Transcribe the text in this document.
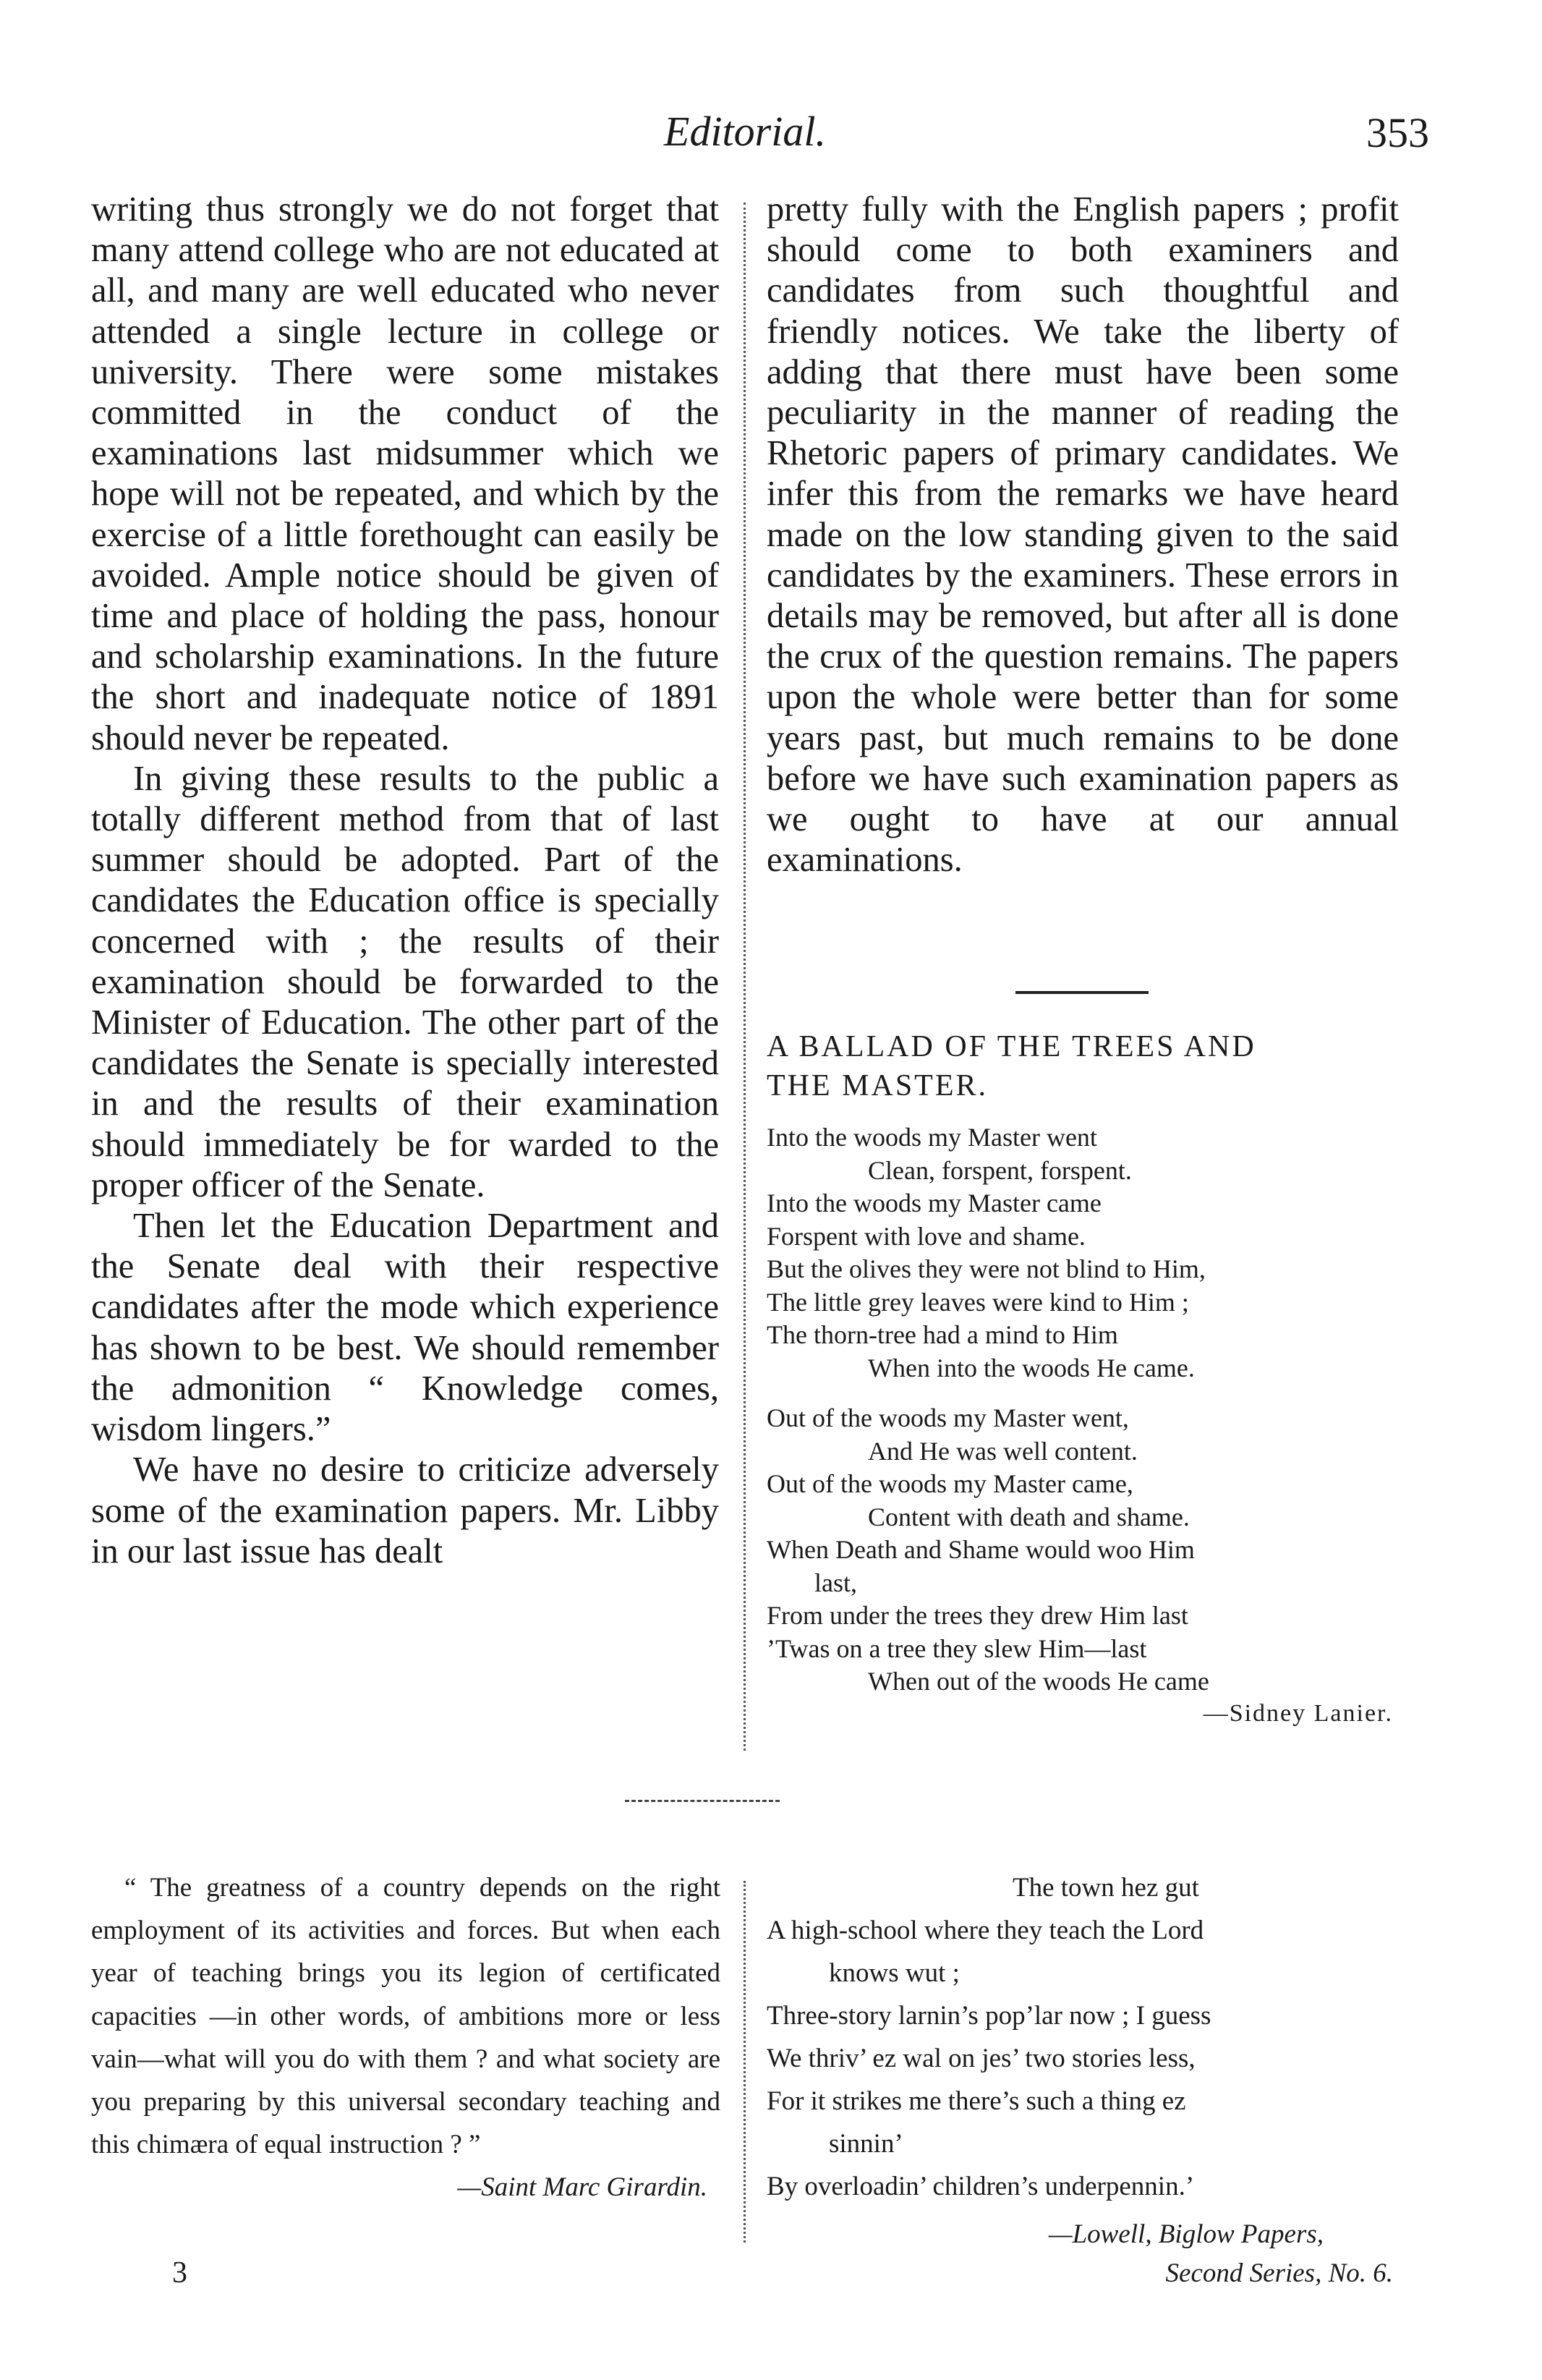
Editorial.	353

writing thus strongly we do not forget that many attend college who are not educated at all, and many are well educated who never attended a single lecture in college or university. There were some mistakes committed in the conduct of the examinations last midsummer which we hope will not be repeated, and which by the exercise of a little forethought can easily be avoided. Ample notice should be given of time and place of holding the pass, honour and scholarship examinations. In the future the short and inadequate notice of 1891 should never be repeated.

In giving these results to the public a totally different method from that of last summer should be adopted. Part of the candidates the Education office is specially concerned with ; the results of their examination should be forwarded to the Minister of Education. The other part of the candidates the Senate is specially interested in and the results of their examination should immediately be for warded to the proper officer of the Senate.

Then let the Education Department and the Senate deal with their respective candidates after the mode which experience has shown to be best. We should remember the admonition “ Knowledge comes, wisdom lingers.”

We have no desire to criticize adversely some of the examination papers. Mr. Libby in our last issue has dealt

pretty fully with the English papers ; profit should come to both examiners and candidates from such thoughtful and friendly notices. We take the liberty of adding that there must have been some peculiarity in the manner of reading the Rhetoric papers of primary candidates. We infer this from the remarks we have heard made on the low standing given to the said candidates by the examiners. These errors in details may be removed, but after all is done the crux of the question remains. The papers upon the whole were better than for some years past, but much remains to be done before we have such examination papers as we ought to have at our annual examinations.

A BALLAD OF THE TREES AND

THE MASTER.

Into the woods my Master went
Clean, forspent, forspent.
Into the woods my Master came
Forspent with love and shame.
But the olives they were not blind to Him,
The little grey leaves were kind to Him ;
The thorn-tree had a mind to Him
When into the woods He came.
Out of the woods my Master went,
And He was well content.
Out of the woods my Master came,
Content with death and shame.
When Death and Shame would woo Him
last,
From under the trees they drew Him last
’Twas on a tree they slew Him—last
When out of the woods He came
—Sidney Lanier.

“ The greatness of a country depends on the right employment of its activities and forces. But when each year of teaching brings you its legion of certificated capacities —in other words, of ambitions more or less vain—what will you do with them ? and what society are you preparing by this universal secondary teaching and this chimæra of equal instruction ? ”

—Saint Marc Girardin.
3
The town hez gut
A high-school where they teach the Lord
knows wut ;
Three-story larnin’s pop’lar now ; I guess
We thriv’ ez wal on jes’ two stories less,
For it strikes me there’s such a thing ez
sinnin’
By overloadin’ children’s underpennin.’
—Lowell, Biglow Papers,
Second Series, No. 6.
